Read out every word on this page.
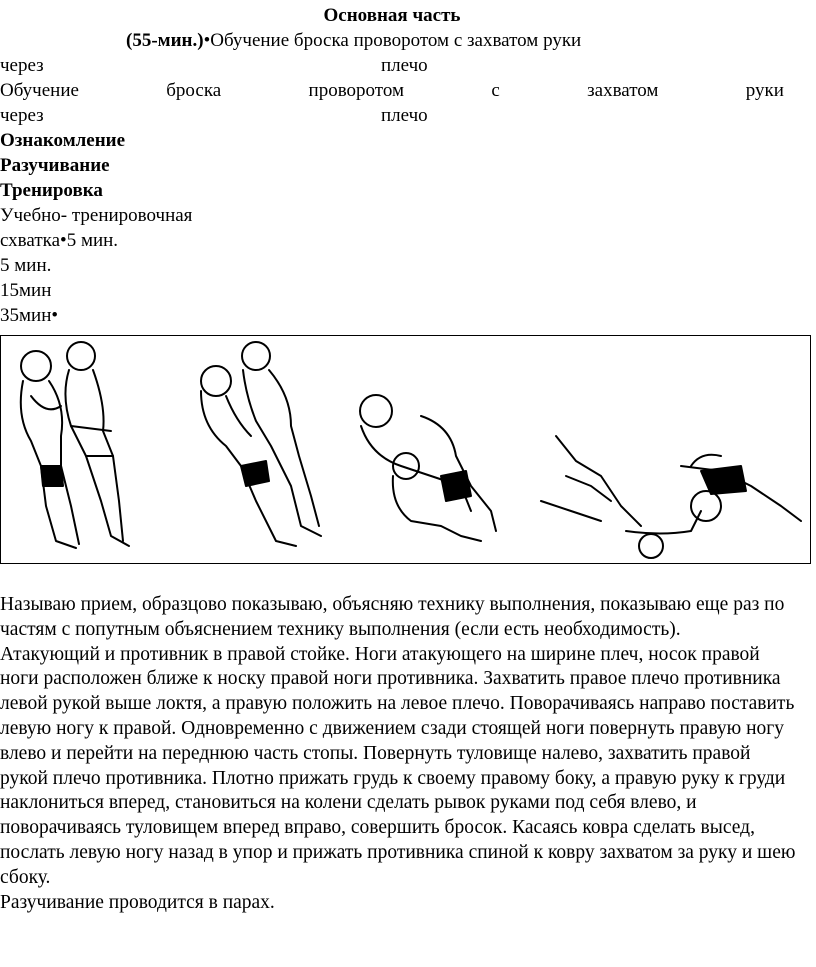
Основная часть
(55-мин.)•Обучение броска проворотом с захватом руки
через	плечо
Обучение	броска	проворотом	с	захватом	руки
через	плечо
Ознакомление
Разучивание
Тренировка
Учебно- тренировочная
схватка•5 мин.
5 мин.
15мин
35мин•

Называю прием, образцово показываю, объясняю технику выполнения, показываю еще раз по частям с попутным объяснением технику выполнения (если есть необходимость).

Атакующий и противник в правой стойке. Ноги атакующего на ширине плеч, носок правой ноги расположен ближе к носку правой ноги противника. Захватить правое плечо противника левой рукой выше локтя, а правую положить на левое плечо. Поворачиваясь направо поставить левую ногу к правой. Одновременно с движением сзади стоящей ноги повернуть правую ногу влево и перейти на переднюю часть стопы. Повернуть туловище налево, захватить правой рукой плечо противника. Плотно прижать грудь к своему правому боку, а правую руку к груди наклониться вперед, становиться на колени сделать рывок руками под себя влево, и поворачиваясь туловищем вперед вправо, совершить бросок. Касаясь ковра сделать высед, послать левую ногу назад в упор и прижать противника спиной к ковру захватом за руку и шею сбоку.

Разучивание проводится в парах.
